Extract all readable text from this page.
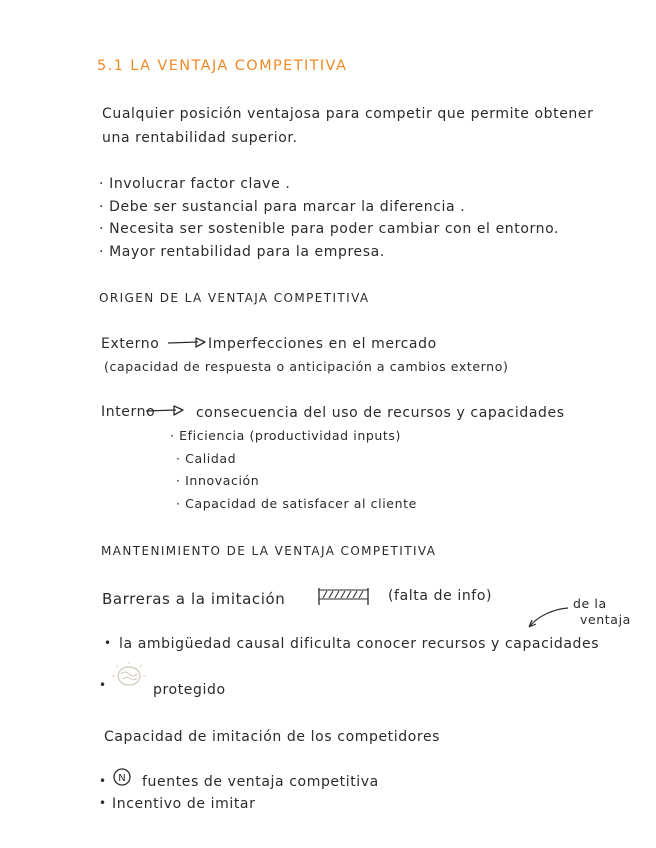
5.1 LA VENTAJA COMPETITIVA
Cualquier posición ventajosa para competir que permite obtener
una rentabilidad superior.
· Involucrar factor clave .
· Debe ser sustancial para marcar la diferencia .
· Necesita ser sostenible para poder cambiar con el entorno.
· Mayor rentabilidad para la empresa.
ORIGEN DE LA VENTAJA COMPETITIVA
Externo	Imperfecciones en el mercado
(capacidad de respuesta o anticipación a cambios externo)
Interno	consecuencia del uso de recursos y capacidades
· Eficiencia (productividad inputs)
· Calidad
· Innovación
· Capacidad de satisfacer al cliente
MANTENIMIENTO DE LA VENTAJA COMPETITIVA
Barreras a la imitación	(falta de info)	de la
ventaja
• la ambigüedad causal dificulta conocer recursos y capacidades
•	protegido
Capacidad de imitación de los competidores
• N fuentes de ventaja competitiva
• Incentivo de imitar
